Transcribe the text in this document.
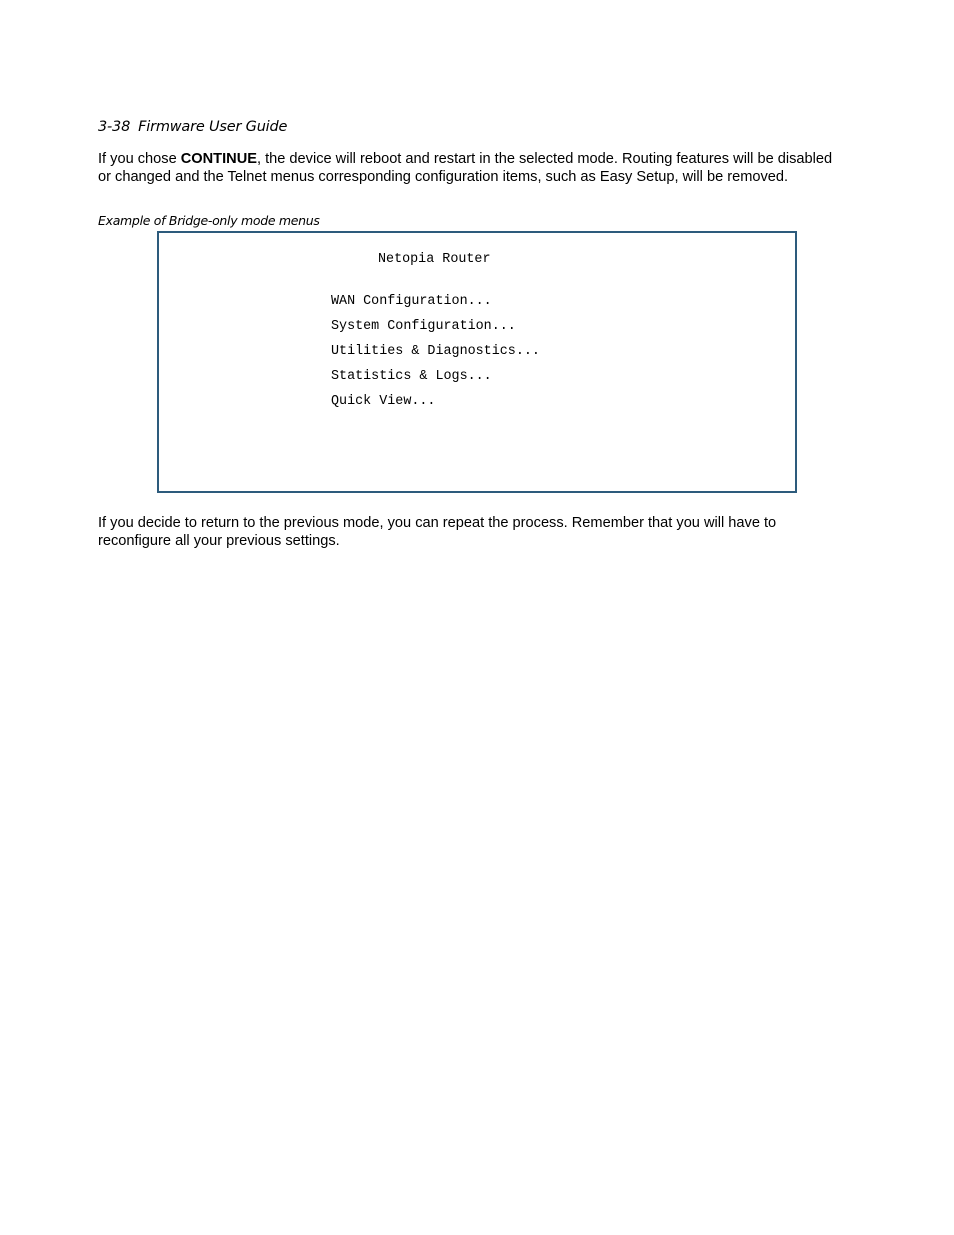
3-38 Firmware User Guide

If you chose CONTINUE, the device will reboot and restart in the selected mode. Routing features will be disabled or changed and the Telnet menus corresponding configuration items, such as Easy Setup, will be removed.

Example of Bridge-only mode menus
Netopia Router
WAN Configuration...
System Configuration...
Utilities & Diagnostics...
Statistics & Logs...
Quick View...

If you decide to return to the previous mode, you can repeat the process. Remember that you will have to reconfigure all your previous settings.
